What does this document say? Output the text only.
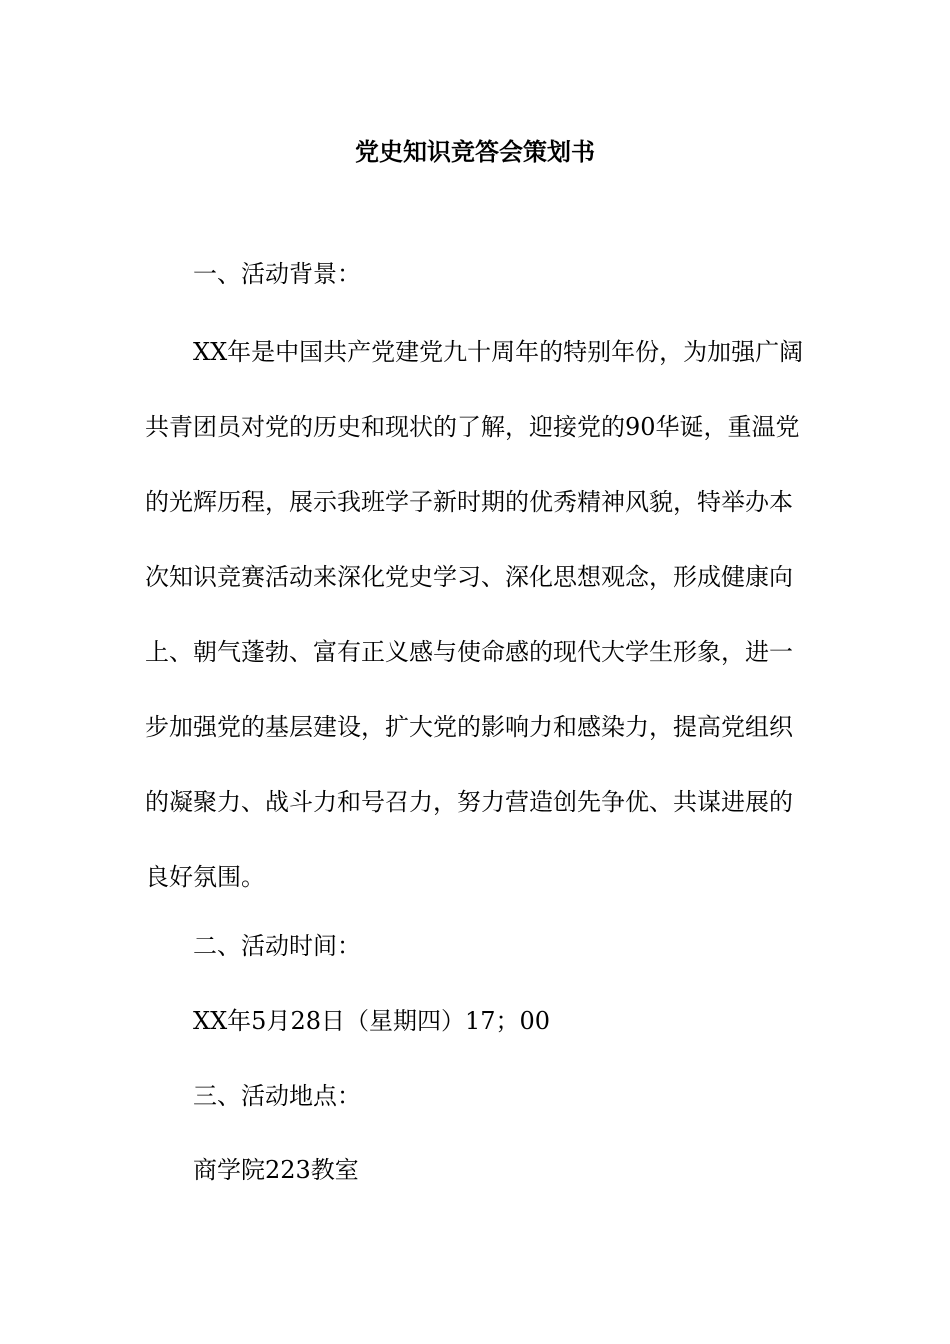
党史知识竞答会策划书
一、活动背景：
XX年是中国共产党建党九十周年的特别年份，为加强广阔
共青团员对党的历史和现状的了解，迎接党的90华诞，重温党
的光辉历程，展示我班学子新时期的优秀精神风貌，特举办本
次知识竞赛活动来深化党史学习、深化思想观念，形成健康向
上、朝气蓬勃、富有正义感与使命感的现代大学生形象，进一
步加强党的基层建设，扩大党的影响力和感染力，提高党组织
的凝聚力、战斗力和号召力，努力营造创先争优、共谋进展的
良好氛围。
二、活动时间：
XX年5月28日（星期四）17；00
三、活动地点：
商学院223教室
